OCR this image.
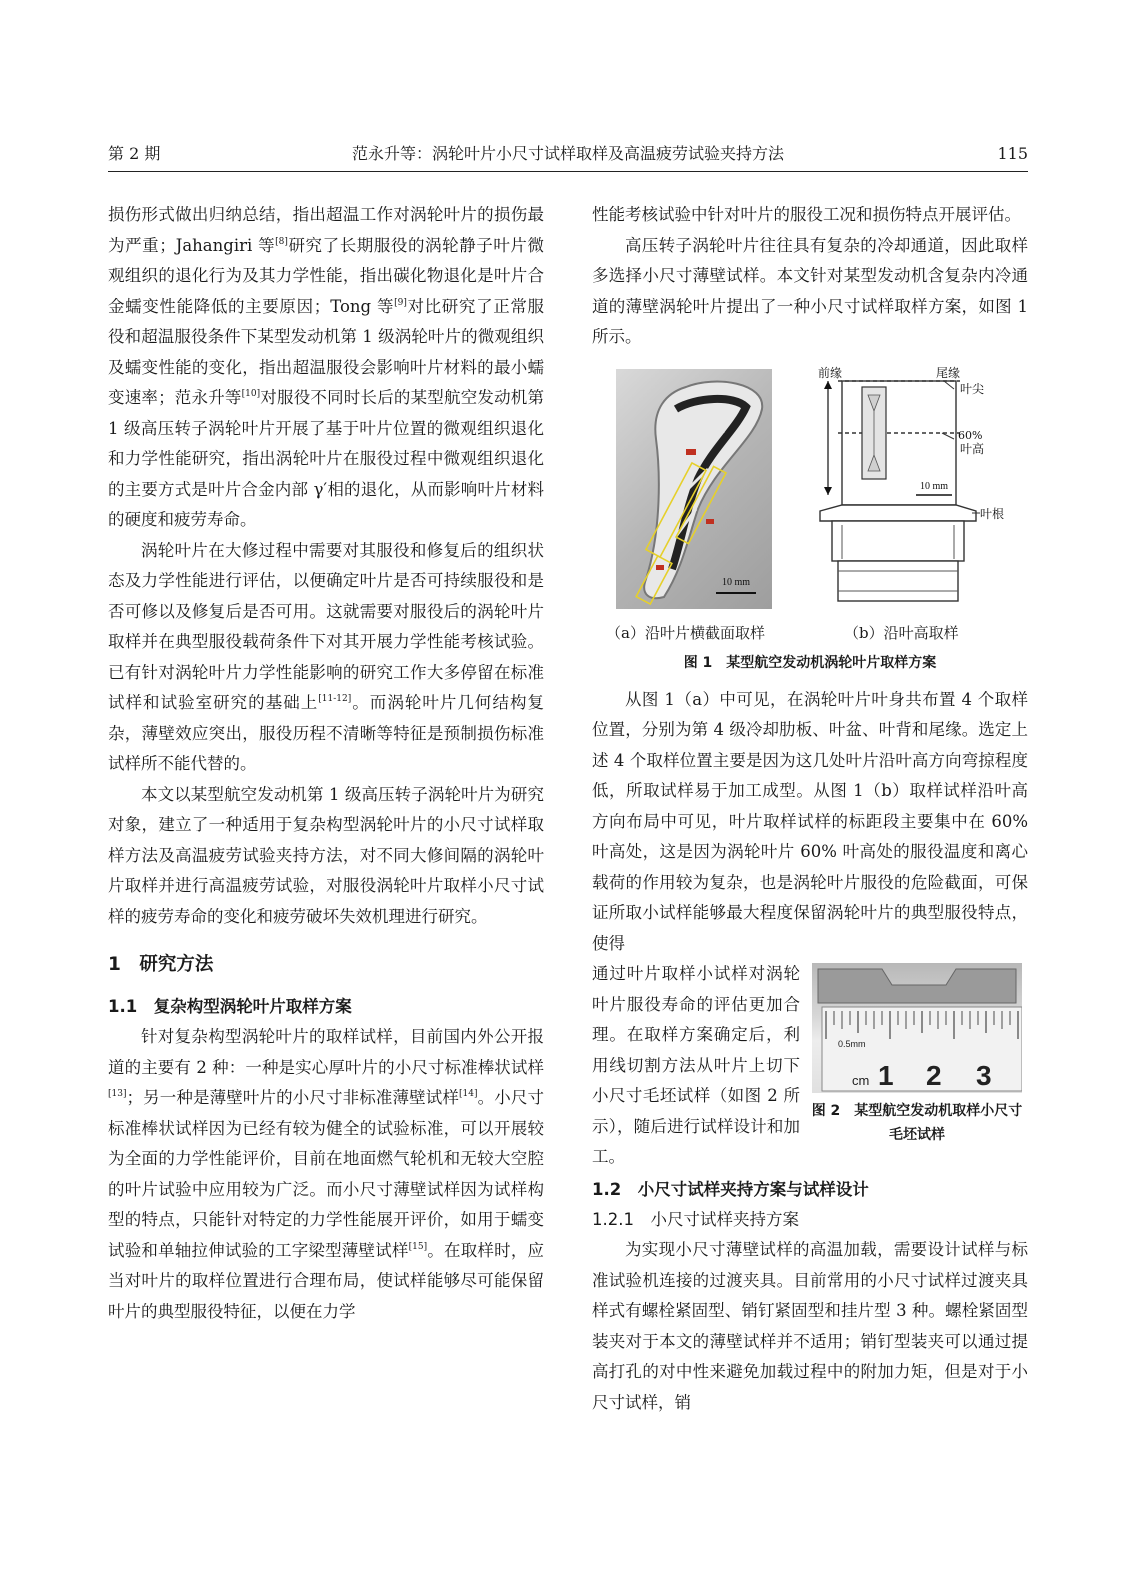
第 2 期	范永升等：涡轮叶片小尺寸试样取样及高温疲劳试验夹持方法	115

损伤形式做出归纳总结，指出超温工作对涡轮叶片的损伤最为严重；Jahangiri 等[8]研究了长期服役的涡轮静子叶片微观组织的退化行为及其力学性能，指出碳化物退化是叶片合金蠕变性能降低的主要原因；Tong 等[9]对比研究了正常服役和超温服役条件下某型发动机第 1 级涡轮叶片的微观组织及蠕变性能的变化，指出超温服役会影响叶片材料的最小蠕变速率；范永升等[10]对服役不同时长后的某型航空发动机第 1 级高压转子涡轮叶片开展了基于叶片位置的微观组织退化和力学性能研究，指出涡轮叶片在服役过程中微观组织退化的主要方式是叶片合金内部 γ′相的退化，从而影响叶片材料的硬度和疲劳寿命。

涡轮叶片在大修过程中需要对其服役和修复后的组织状态及力学性能进行评估，以便确定叶片是否可持续服役和是否可修以及修复后是否可用。这就需要对服役后的涡轮叶片取样并在典型服役载荷条件下对其开展力学性能考核试验。已有针对涡轮叶片力学性能影响的研究工作大多停留在标准试样和试验室研究的基础上[11-12]。而涡轮叶片几何结构复杂，薄壁效应突出，服役历程不清晰等特征是预制损伤标准试样所不能代替的。

本文以某型航空发动机第 1 级高压转子涡轮叶片为研究对象，建立了一种适用于复杂构型涡轮叶片的小尺寸试样取样方法及高温疲劳试验夹持方法，对不同大修间隔的涡轮叶片取样并进行高温疲劳试验，对服役涡轮叶片取样小尺寸试样的疲劳寿命的变化和疲劳破坏失效机理进行研究。

1　研究方法
1.1　复杂构型涡轮叶片取样方案

针对复杂构型涡轮叶片的取样试样，目前国内外公开报道的主要有 2 种：一种是实心厚叶片的小尺寸标准棒状试样[13]；另一种是薄壁叶片的小尺寸非标准薄壁试样[14]。小尺寸标准棒状试样因为已经有较为健全的试验标准，可以开展较为全面的力学性能评价，目前在地面燃气轮机和无较大空腔的叶片试验中应用较为广泛。而小尺寸薄壁试样因为试样构型的特点，只能针对特定的力学性能展开评价，如用于蠕变试验和单轴拉伸试验的工字梁型薄壁试样[15]。在取样时，应当对叶片的取样位置进行合理布局，使试样能够尽可能保留叶片的典型服役特征，以便在力学

性能考核试验中针对叶片的服役工况和损伤特点开展评估。

高压转子涡轮叶片往往具有复杂的冷却通道，因此取样多选择小尺寸薄壁试样。本文针对某型发动机含复杂内冷通道的薄壁涡轮叶片提出了一种小尺寸试样取样方案，如图 1 所示。

10 mm
前缘	尾缘
叶尖
60%
叶高
10 mm
叶根
（a）沿叶片横截面取样	（b）沿叶高取样
图 1　某型航空发动机涡轮叶片取样方案

从图 1（a）中可见，在涡轮叶片叶身共布置 4 个取样位置，分别为第 4 级冷却肋板、叶盆、叶背和尾缘。选定上述 4 个取样位置主要是因为这几处叶片沿叶高方向弯掠程度低，所取试样易于加工成型。从图 1（b）取样试样沿叶高方向布局中可见，叶片取样试样的标距段主要集中在 60% 叶高处，这是因为涡轮叶片 60% 叶高处的服役温度和离心载荷的作用较为复杂，也是涡轮叶片服役的危险截面，可保证所取小试样能够最大程度保留涡轮叶片的典型服役特点，使得

通过叶片取样小试样对涡轮叶片服役寿命的评估更加合理。在取样方案确定后，利用线切割方法从叶片上切下小尺寸毛坯试样（如图 2 所示），随后进行试样设计和加工。

0.5mm
cm 1 2 3
图 2　某型航空发动机取样小尺寸毛坯试样
1.2　小尺寸试样夹持方案与试样设计
1.2.1　小尺寸试样夹持方案

为实现小尺寸薄壁试样的高温加载，需要设计试样与标准试验机连接的过渡夹具。目前常用的小尺寸试样过渡夹具样式有螺栓紧固型、销钉紧固型和挂片型 3 种。螺栓紧固型装夹对于本文的薄壁试样并不适用；销钉型装夹可以通过提高打孔的对中性来避免加载过程中的附加力矩，但是对于小尺寸试样，销
